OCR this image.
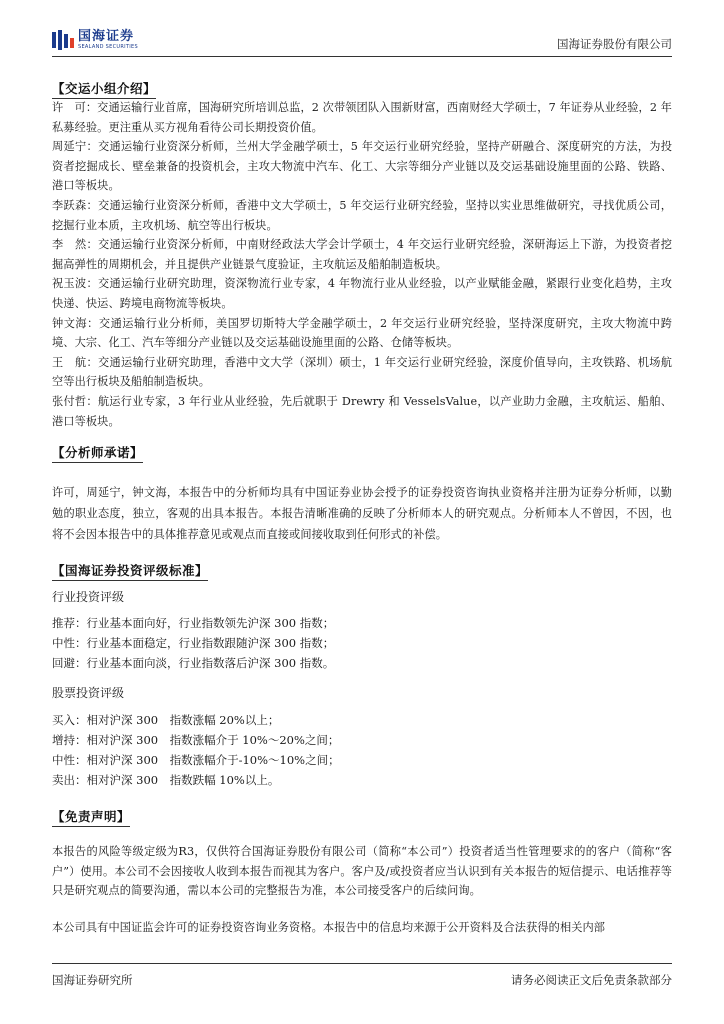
国海证券
SEALAND SECURITIES	国海证券股份有限公司
【交运小组介绍】
许　可：交通运输行业首席，国海研究所培训总监，2 次带领团队入围新财富，西南财经大学硕士，7 年证券从业经验，2 年私募经验。更注重从买方视角看待公司长期投资价值。
周延宁：交通运输行业资深分析师，兰州大学金融学硕士，5 年交运行业研究经验，坚持产研融合、深度研究的方法，为投资者挖掘成长、壁垒兼备的投资机会，主攻大物流中汽车、化工、大宗等细分产业链以及交运基础设施里面的公路、铁路、港口等板块。
李跃森：交通运输行业资深分析师，香港中文大学硕士，5 年交运行业研究经验，坚持以实业思维做研究，寻找优质公司，挖掘行业本质，主攻机场、航空等出行板块。
李　然：交通运输行业资深分析师，中南财经政法大学会计学硕士，4 年交运行业研究经验，深研海运上下游，为投资者挖掘高弹性的周期机会，并且提供产业链景气度验证，主攻航运及船舶制造板块。
祝玉波：交通运输行业研究助理，资深物流行业专家，4 年物流行业从业经验，以产业赋能金融，紧跟行业变化趋势，主攻快递、快运、跨境电商物流等板块。
钟文海：交通运输行业分析师，美国罗切斯特大学金融学硕士，2 年交运行业研究经验，坚持深度研究，主攻大物流中跨境、大宗、化工、汽车等细分产业链以及交运基础设施里面的公路、仓储等板块。
王　航：交通运输行业研究助理，香港中文大学（深圳）硕士，1 年交运行业研究经验，深度价值导向，主攻铁路、机场航空等出行板块及船舶制造板块。
张付哲：航运行业专家，3 年行业从业经验，先后就职于 Drewry 和 VesselsValue，以产业助力金融，主攻航运、船舶、港口等板块。
【分析师承诺】
许可，周延宁，钟文海，本报告中的分析师均具有中国证券业协会授予的证券投资咨询执业资格并注册为证券分析师，以勤勉的职业态度，独立，客观的出具本报告。本报告清晰准确的反映了分析师本人的研究观点。分析师本人不曾因，不因，也将不会因本报告中的具体推荐意见或观点而直接或间接收取到任何形式的补偿。
【国海证券投资评级标准】
行业投资评级
推荐：行业基本面向好，行业指数领先沪深 300 指数；
中性：行业基本面稳定，行业指数跟随沪深 300 指数；
回避：行业基本面向淡，行业指数落后沪深 300 指数。
股票投资评级
买入：相对沪深 300　指数涨幅 20%以上；
增持：相对沪深 300　指数涨幅介于 10%～20%之间；
中性：相对沪深 300　指数涨幅介于-10%～10%之间；
卖出：相对沪深 300　指数跌幅 10%以上。
【免责声明】
本报告的风险等级定级为R3，仅供符合国海证券股份有限公司（简称“本公司”）投资者适当性管理要求的的客户（简称“客户”）使用。本公司不会因接收人收到本报告而视其为客户。客户及/或投资者应当认识到有关本报告的短信提示、电话推荐等只是研究观点的简要沟通，需以本公司的完整报告为准，本公司接受客户的后续问询。
本公司具有中国证监会许可的证券投资咨询业务资格。本报告中的信息均来源于公开资料及合法获得的相关内部
国海证券研究所	请务必阅读正文后免责条款部分
